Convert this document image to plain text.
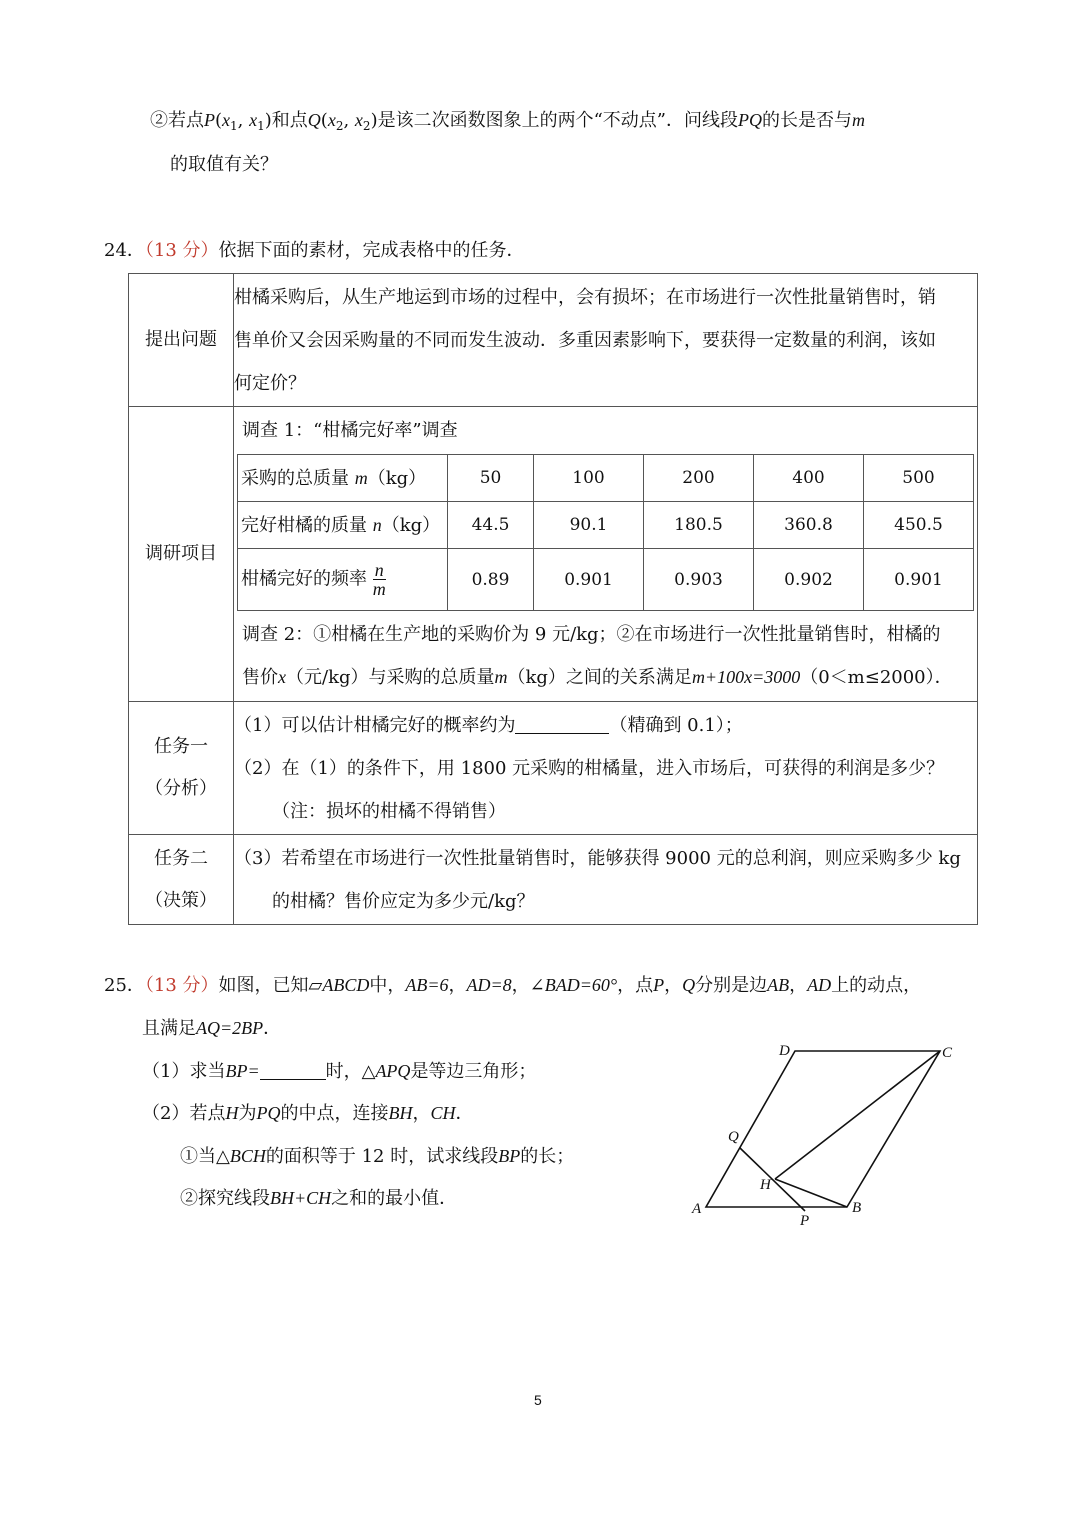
②若点$P(x_1$, $x_1$)和点$Q(x_2$, $x_2$)是该二次函数图象上的两个“不动点”．问线段PQ的长是否与m
的取值有关？
24．（13 分）依据下面的素材，完成表格中的任务．
提出问题	
柑橘采购后，从生产地运到市场的过程中，会有损坏；在市场进行一次性批量销售时，销
售单价又会因采购量的不同而发生波动．多重因素影响下，要获得一定数量的利润，该如
何定价？

调研项目	
调查 1：“柑橘完好率”调查
采购的总质量 m（kg）	50	100	200	400	500
完好柑橘的质量 n（kg）	44.5	90.1	180.5	360.8	450.5
柑橘完好的频率 $\frac{n}{m}$	0.89	0.901	0.903	0.902	0.901
调查 2：①柑橘在生产地的采购价为 9 元/kg；②在市场进行一次性批量销售时，柑橘的
售价x（元/kg）与采购的总质量m（kg）之间的关系满足m+100x=3000（0＜m≤2000）．

任务一
（分析）

（1）可以估计柑橘完好的概率约为	（精确到 0.1）；
（2）在（1）的条件下，用 1800 元采购的柑橘量，进入市场后，可获得的利润是多少？
（注：损坏的柑橘不得销售）

任务二
（决策）

（3）若希望在市场进行一次性批量销售时，能够获得 9000 元的总利润，则应采购多少 kg
的柑橘？售价应定为多少元/kg？
25．（13 分）如图，已知▱ABCD中，AB=6，AD=8，∠BAD=60°，点P，Q分别是边AB，AD上的动点，
且满足AQ=2BP．
（1）求当BP=	时，△APQ是等边三角形；
（2）若点H为PQ的中点，连接BH，CH．
①当△BCH的面积等于 12 时，试求线段BP的长；
②探究线段BH+CH之和的最小值．	A	B
C
D
P
Q
H
5
